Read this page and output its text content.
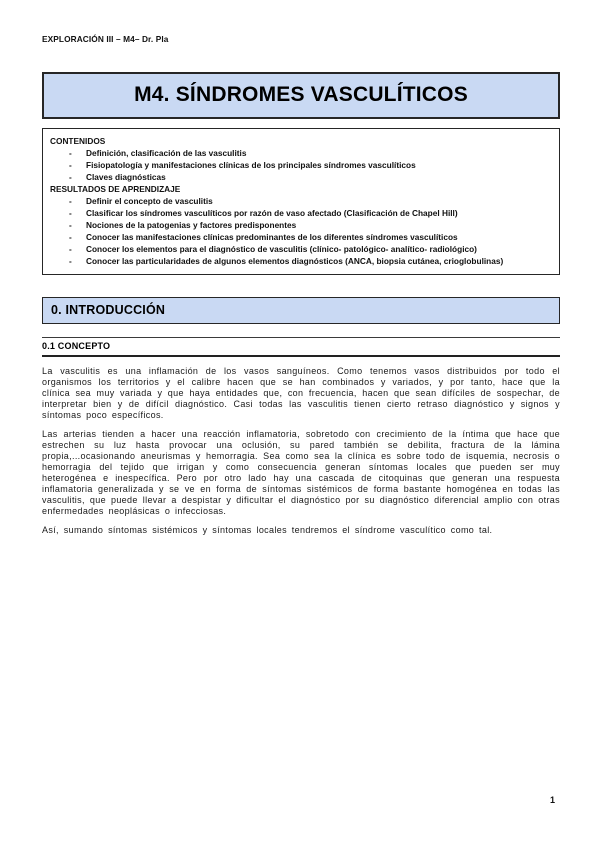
EXPLORACIÓN III – M4– Dr. Pla
M4. SÍNDROMES VASCULÍTICOS
CONTENIDOS
-	Definición, clasificación de las vasculitis
-	Fisiopatología y manifestaciones clínicas de los principales síndromes vasculíticos
-	Claves diagnósticas
RESULTADOS DE APRENDIZAJE
-	Definir el concepto de vasculitis
-	Clasificar los síndromes vasculíticos por razón de vaso afectado (Clasificación de Chapel Hill)
-	Nociones de la patogenias y factores predisponentes
-	Conocer las manifestaciones clínicas predominantes de los diferentes síndromes vasculíticos
-	Conocer los elementos para el diagnóstico de vasculitis (clínico- patológico- analítico- radiológico)
-	Conocer las particularidades de algunos elementos diagnósticos (ANCA, biopsia cutánea, crioglobulinas)
0. INTRODUCCIÓN
0.1 CONCEPTO

La vasculitis es una inflamación de los vasos sanguíneos. Como tenemos vasos distribuidos por todo el organismos los territorios y el calibre hacen que se han combinados y variados, y por tanto, hace que la clínica sea muy variada y que haya entidades que, con frecuencia, hacen que sean difíciles de sospechar, de interpretar bien y de difícil diagnóstico. Casi todas las vasculitis tienen cierto retraso diagnóstico y signos y síntomas poco específicos.

Las arterias tienden a hacer una reacción inflamatoria, sobretodo con crecimiento de la íntima que hace que estrechen su luz hasta provocar una oclusión, su pared también se debilita, fractura de la lámina propia,...ocasionando aneurismas y hemorragia. Sea como sea la clínica es sobre todo de isquemia, necrosis o hemorragia del tejido que irrigan y como consecuencia generan síntomas locales que pueden ser muy heterogénea e inespecífica. Pero por otro lado hay una cascada de citoquinas que generan una respuesta inflamatoria generalizada y se ve en forma de síntomas sistémicos de forma bastante homogénea en todas las vasculitis, que puede llevar a despistar y dificultar el diagnóstico por su diagnóstico diferencial amplio con otras enfermedades neoplásicas o infecciosas.

Así, sumando síntomas sistémicos y síntomas locales tendremos el síndrome vasculítico como tal.

1
